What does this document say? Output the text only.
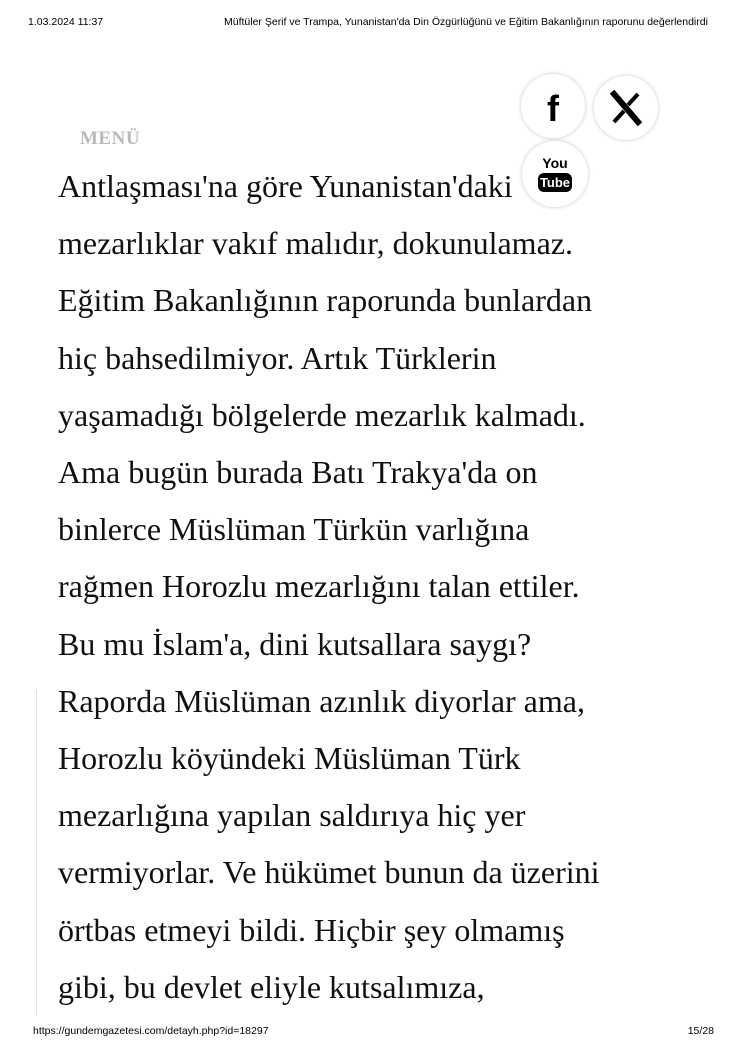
1.03.2024 11:37	Müftüler Şerif ve Trampa, Yunanistan'da Din Özgürlüğünü ve Eğitim Bakanlığının raporunu değerlendirdi
Antlaşması'na göre Yunanistan'daki
mezarlıklar vakıf malıdır, dokunulamaz.
Eğitim Bakanlığının raporunda bunlardan
hiç bahsedilmiyor. Artık Türklerin
yaşamadığı bölgelerde mezarlık kalmadı.
Ama bugün burada Batı Trakya'da on
binlerce Müslüman Türkün varlığına
rağmen Horozlu mezarlığını talan ettiler.
Bu mu İslam'a, dini kutsallara saygı?
Raporda Müslüman azınlık diyorlar ama,
Horozlu köyündeki Müslüman Türk
mezarlığına yapılan saldırıya hiç yer
vermiyorlar. Ve hükümet bunun da üzerini
örtbas etmeyi bildi. Hiçbir şey olmamış
gibi, bu devlet eliyle kutsalımıza,
MENÜ
f
You
Tube
https://gundemgazetesi.com/detayh.php?id=18297	15/28
